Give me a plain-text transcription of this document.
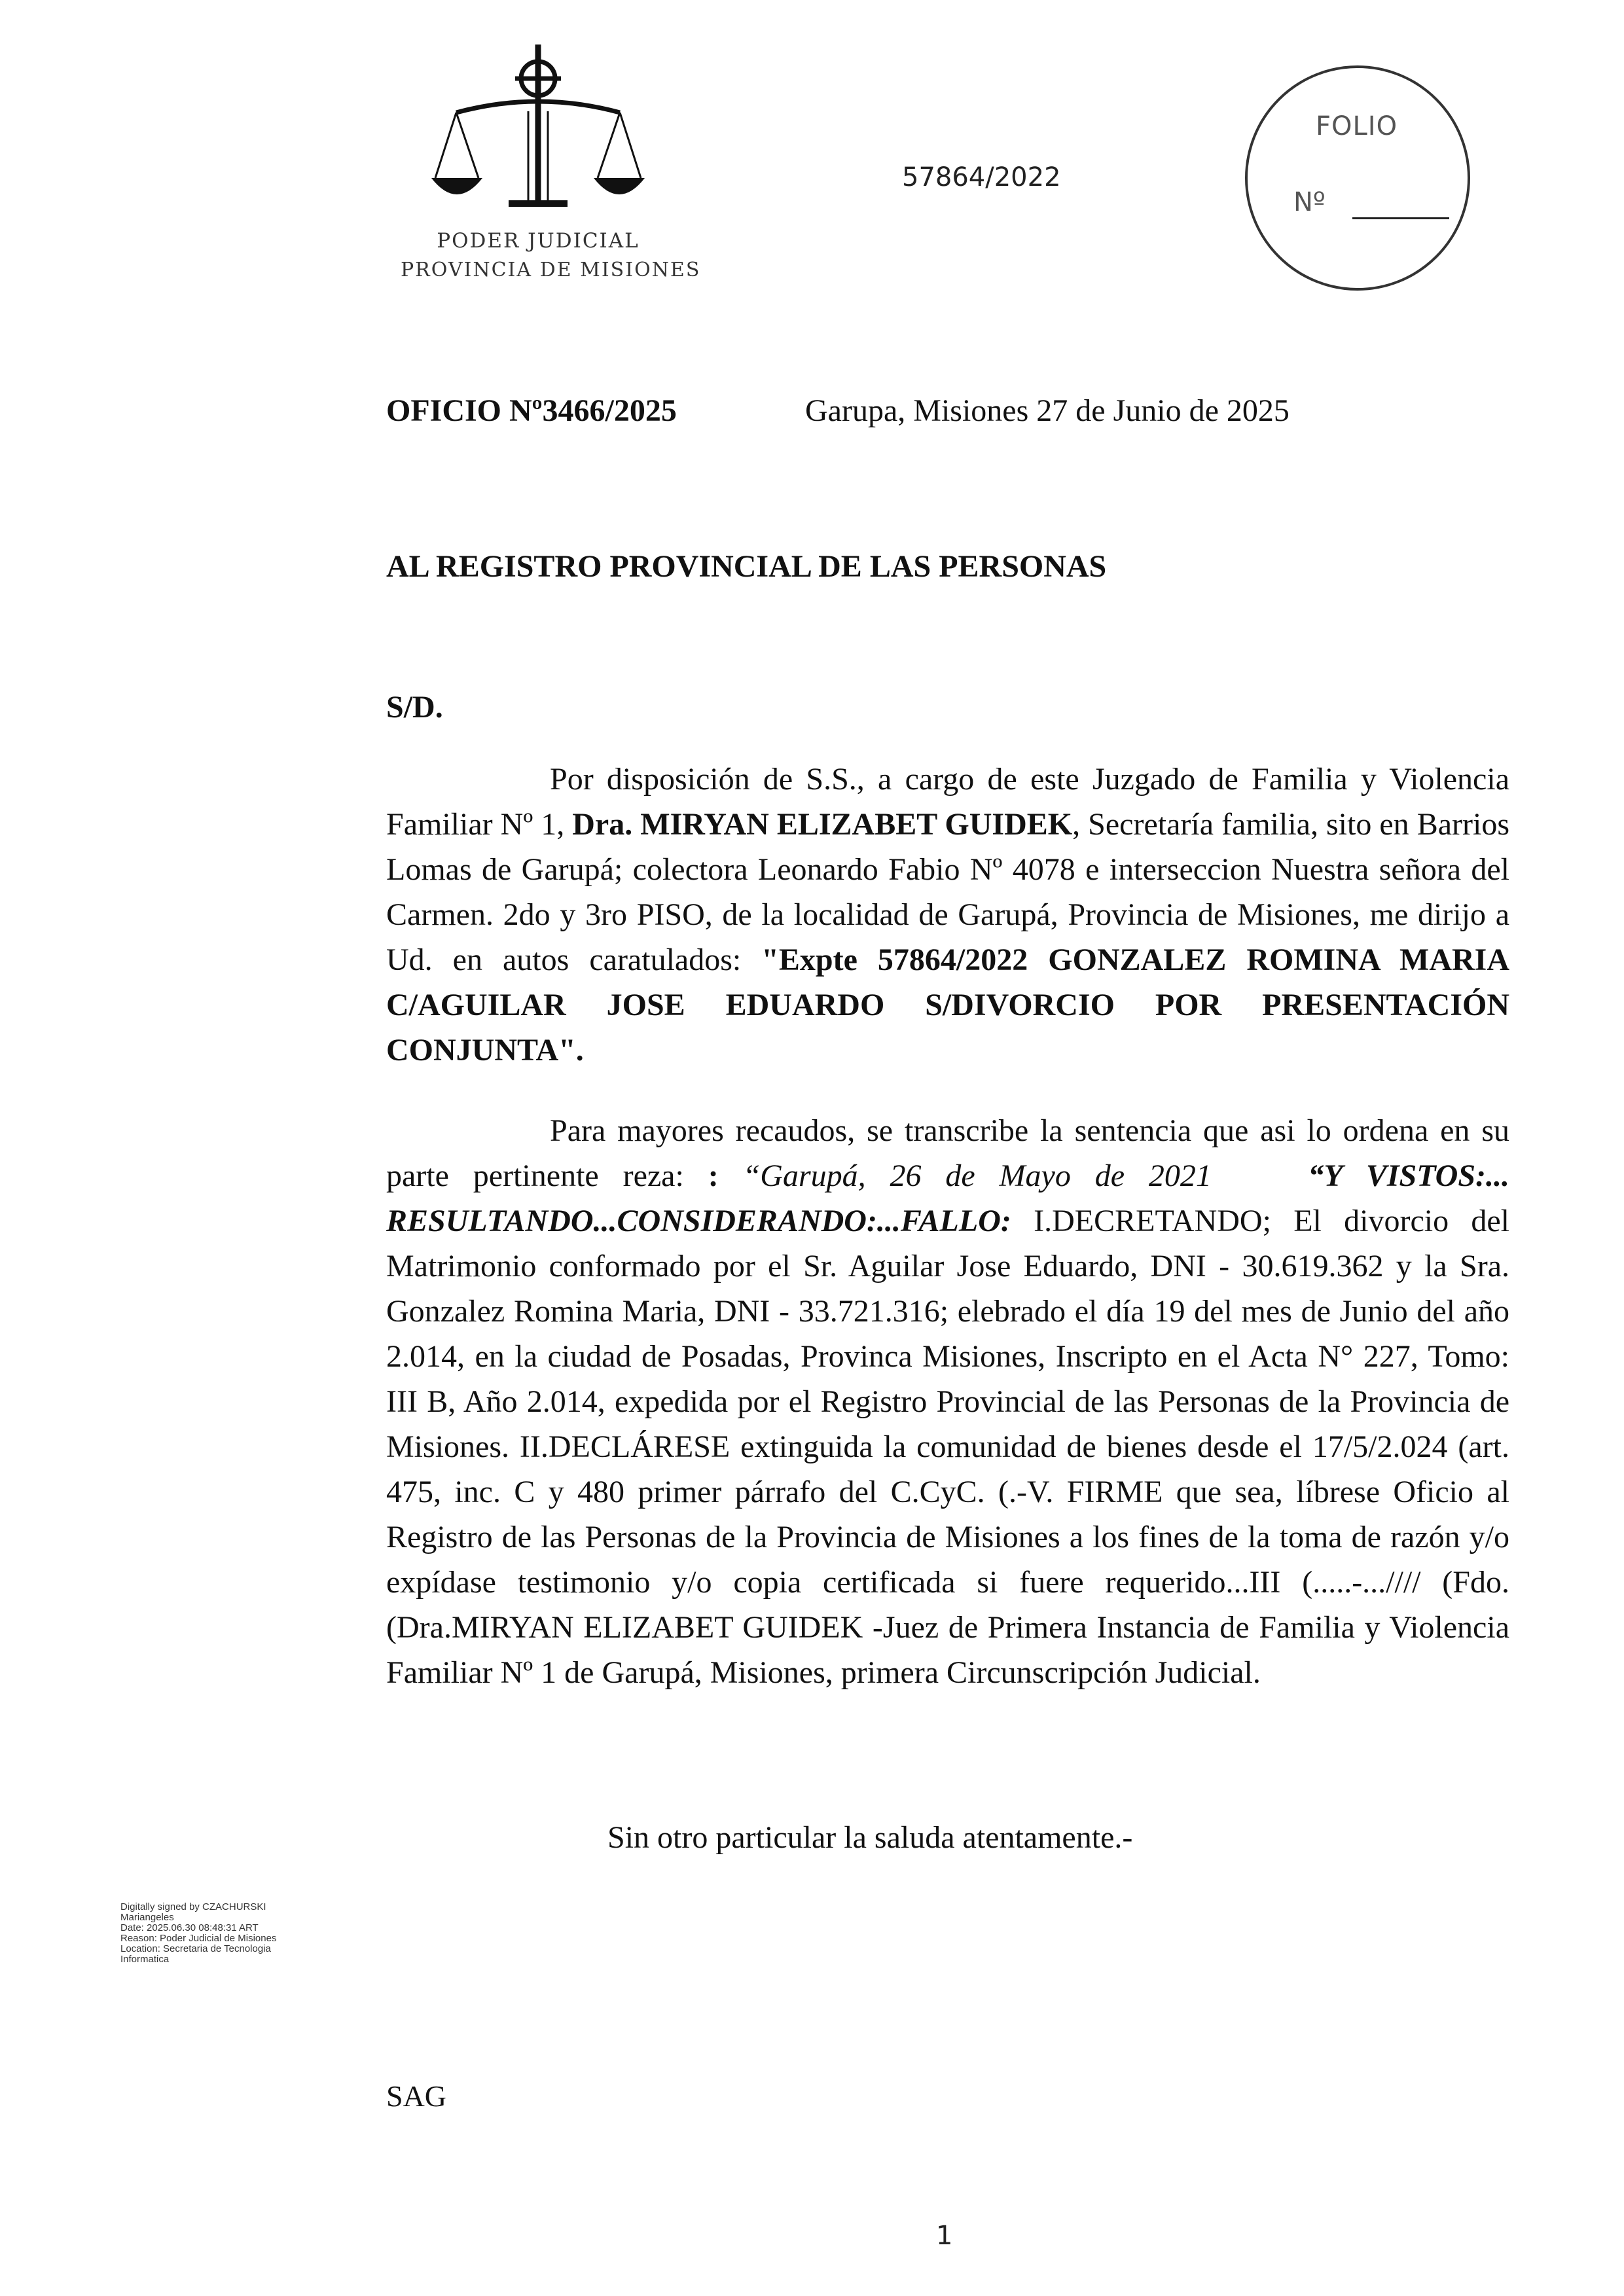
PODER JUDICIAL
PROVINCIA DE MISIONES
57864/2022
FOLIO
Nº
OFICIO Nº3466/2025	Garupa, Misiones 27 de Junio de 2025
AL REGISTRO PROVINCIAL DE LAS PERSONAS
S/D.
Por disposición de S.S., a cargo de este Juzgado de Familia y Violencia Familiar Nº 1, Dra. MIRYAN ELIZABET GUIDEK, Secretaría familia, sito en Barrios Lomas de Garupá; colectora Leonardo Fabio Nº 4078 e interseccion Nuestra señora del Carmen. 2do y 3ro PISO, de la localidad de Garupá, Provincia de Misiones, me dirijo a Ud. en autos caratulados: "Expte 57864/2022 GONZALEZ ROMINA MARIA C/AGUILAR JOSE EDUARDO S/DIVORCIO POR PRESENTACIÓN CONJUNTA".
Para mayores recaudos, se transcribe la sentencia que asi lo ordena en su parte pertinente reza: : “Garupá, 26 de Mayo de 2021	“Y VISTOS:... RESULTANDO...CONSIDERANDO:...FALLO: I.DECRETANDO; El divorcio del Matrimonio conformado por el Sr. Aguilar Jose Eduardo, DNI - 30.619.362 y la Sra. Gonzalez Romina Maria, DNI - 33.721.316; elebrado el día 19 del mes de Junio del año 2.014, en la ciudad de Posadas, Provinca Misiones, Inscripto en el Acta N° 227, Tomo: III B, Año 2.014, expedida por el Registro Provincial de las Personas de la Provincia de Misiones. II.DECLÁRESE extinguida la comunidad de bienes desde el 17/5/2.024 (art. 475, inc. C y 480 primer párrafo del C.CyC. (.-V. FIRME que sea, líbrese Oficio al Registro de las Personas de la Provincia de Misiones a los fines de la toma de razón y/o expídase testimonio y/o copia certificada si fuere requerido...III (.....-...//// (Fdo. (Dra.MIRYAN ELIZABET GUIDEK -Juez de Primera Instancia de Familia y Violencia Familiar Nº 1 de Garupá, Misiones, primera Circunscripción Judicial.
Sin otro particular la saluda atentamente.-
Digitally signed by CZACHURSKI
Mariangeles
Date: 2025.06.30 08:48:31 ART
Reason: Poder Judicial de Misiones
Location: Secretaria de Tecnologia
Informatica
SAG
1
